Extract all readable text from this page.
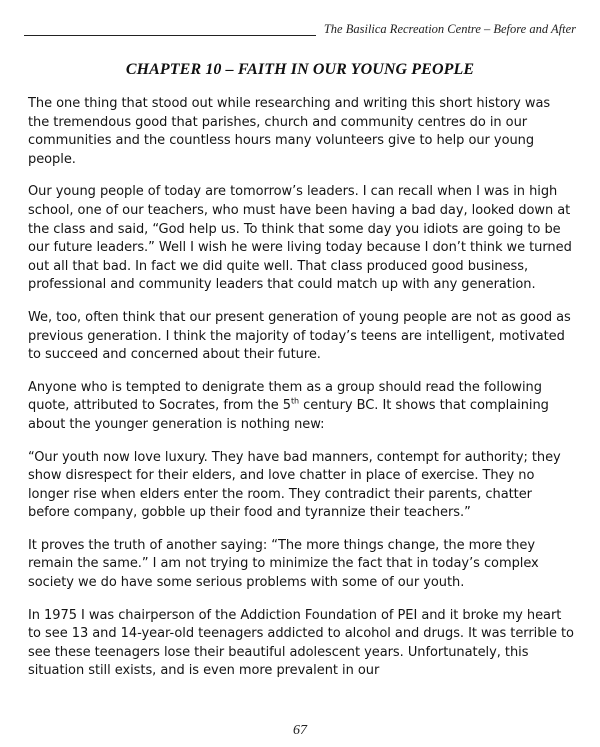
The Basilica Recreation Centre – Before and After
CHAPTER 10 – FAITH IN OUR YOUNG PEOPLE

The one thing that stood out while researching and writing this short history was the tremendous good that parishes, church and community centres do in our communities and the countless hours many volunteers give to help our young people.

Our young people of today are tomorrow’s leaders. I can recall when I was in high school, one of our teachers, who must have been having a bad day, looked down at the class and said, “God help us. To think that some day you idiots are going to be our future leaders.” Well I wish he were living today because I don’t think we turned out all that bad. In fact we did quite well. That class produced good business, professional and community leaders that could match up with any generation.

We, too, often think that our present generation of young people are not as good as previous generation. I think the majority of today’s teens are intelligent, motivated to succeed and concerned about their future.

Anyone who is tempted to denigrate them as a group should read the following quote, attributed to Socrates, from the 5th century BC. It shows that complaining about the younger generation is nothing new:

“Our youth now love luxury. They have bad manners, contempt for authority; they show disrespect for their elders, and love chatter in place of exercise. They no longer rise when elders enter the room. They contradict their parents, chatter before company, gobble up their food and tyrannize their teachers.”

It proves the truth of another saying: “The more things change, the more they remain the same.” I am not trying to minimize the fact that in today’s complex society we do have some serious problems with some of our youth.

In 1975 I was chairperson of the Addiction Foundation of PEI and it broke my heart to see 13 and 14-year-old teenagers addicted to alcohol and drugs. It was terrible to see these teenagers lose their beautiful adolescent years. Unfortunately, this situation still exists, and is even more prevalent in our

67
